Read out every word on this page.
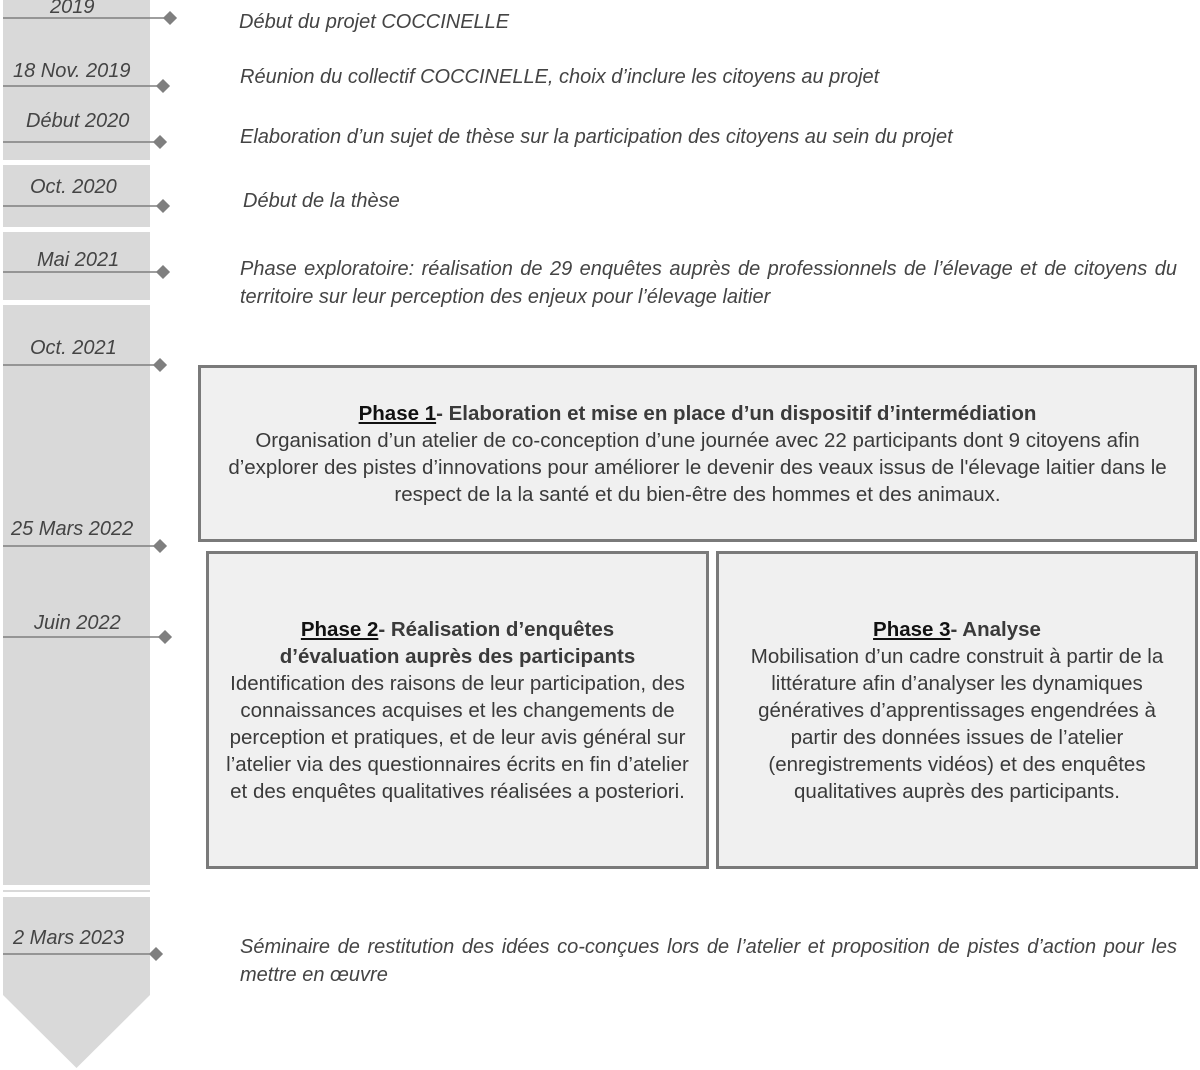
2019
18 Nov. 2019
Début 2020
Oct. 2020
Mai 2021
Oct. 2021
25 Mars 2022
Juin 2022
2 Mars 2023
Début du projet COCCINELLE
Réunion du collectif COCCINELLE, choix d’inclure les citoyens au projet
Elaboration d’un sujet de thèse sur la participation des citoyens au sein du projet
Début de la thèse
Phase exploratoire: réalisation de 29 enquêtes auprès de professionnels de l’élevage et de citoyens du territoire sur leur perception des enjeux pour l’élevage laitier
Séminaire de restitution des idées co-conçues lors de l’atelier et proposition de pistes d’action pour les mettre en œuvre
Phase 1- Elaboration et mise en place d’un dispositif d’intermédiation
Organisation d’un atelier de co-conception d’une journée avec 22 participants dont 9 citoyens afin d’explorer des pistes d’innovations pour améliorer le devenir des veaux issus de l'élevage laitier dans le respect de la la santé et du bien-être des hommes et des animaux.
Phase 2- Réalisation d’enquêtes d’évaluation auprès des participants
Identification des raisons de leur participation, des connaissances acquises et les changements de perception et pratiques, et de leur avis général sur l’atelier via des questionnaires écrits en fin d’atelier et des enquêtes qualitatives réalisées a posteriori.
Phase 3- Analyse
Mobilisation d’un cadre construit à partir de la littérature afin d’analyser les dynamiques génératives d’apprentissages engendrées à partir des données issues de l’atelier (enregistrements vidéos) et des enquêtes qualitatives auprès des participants.
